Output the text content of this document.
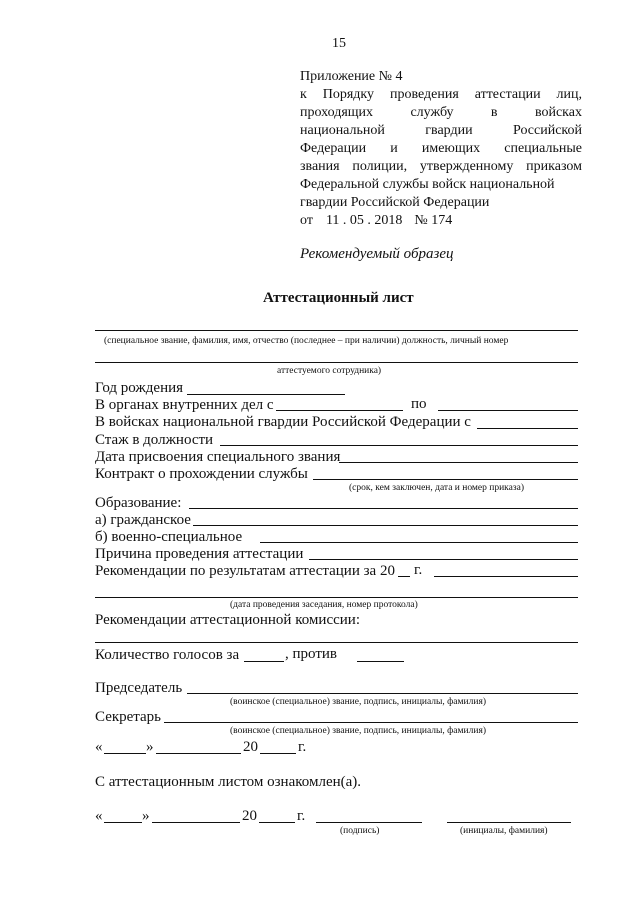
15
Приложение № 4
к Порядку проведения аттестации лиц,
проходящих	службу	в	войсках
национальной	гвардии	Российской
Федерации и имеющих специальные
звания полиции, утвержденному приказом
Федеральной службы войск национальной
гвардии Российской Федерации
от 11 . 05 . 2018 № 174
Рекомендуемый образец
Аттестационный лист
(специальное звание, фамилия, имя, отчество (последнее – при наличии) должность, личный номер
аттестуемого сотрудника)
Год рождения
В органах внутренних дел с	по
В войсках национальной гвардии Российской Федерации с
Стаж в должности
Дата присвоения специального звания
Контракт о прохождении службы
(срок, кем заключен, дата и номер приказа)
Образование:
а) гражданское
б) военно-специальное
Причина проведения аттестации
Рекомендации по результатам аттестации за 20 г.
(дата проведения заседания, номер протокола)
Рекомендации аттестационной комиссии:
Количество голосов за	, против
Председатель
(воинское (специальное) звание, подпись, инициалы, фамилия)
Секретарь
(воинское (специальное) звание, подпись, инициалы, фамилия)
«	»	20	г.
С аттестационным листом ознакомлен(а).
«	»	20	г.
(подпись)	(инициалы, фамилия)
